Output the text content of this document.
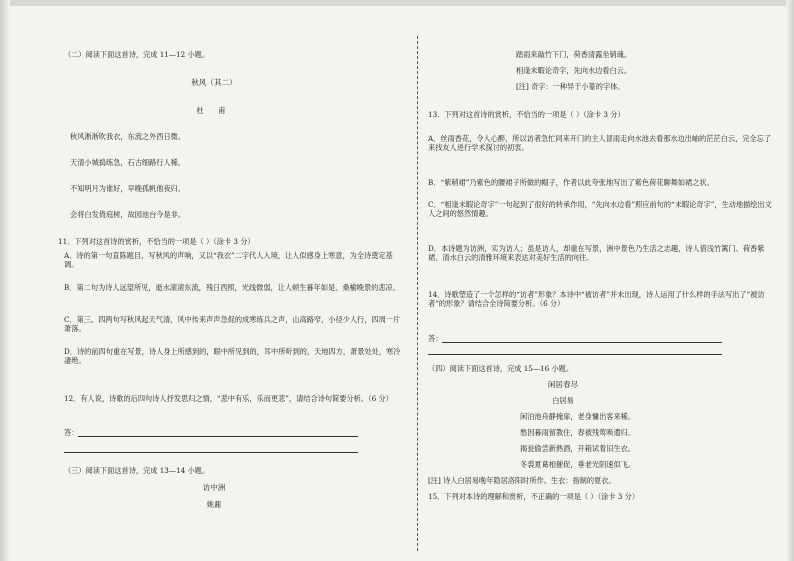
（二）阅读下面这首诗，完成 11—12 小题。
秋风（其二）
杜 甫
秋风淅淅吹我衣，东流之外西日微。
天清小城捣练急，石古细路行人稀。
不知明月为谁好，早晚孤帆他夜归。
会将白发倚庭树，故园池台今是非。
11．下列对这首诗的赏析，不恰当的一项是（ ）（涂卡 3 分）
A．诗的第一句直陈题目，写秋风的声响，又以“我衣”二字代人入境，让人似感身上寒意，为全诗奠定基调。
B．第二句为诗人远望所见，逝水滚滚东流，残日西照，光线微弱，让人顿生暮年如是、桑榆晚景的悲凉。
C．第三、四两句写秋风起天气清，风中传来声声急促的成寒练兵之声，山高路窄，小径少人行，四周一片萧落。
D．诗的前四句重在写景，诗人身上所感到的，眼中所见到的，耳中所听到的，天地四方，萧景处处，寒冷凄绝。
12．有人说，诗歌的后四句诗人抒发思归之情，“悲中有乐，乐而更悲”，请结合诗句简要分析。（6 分）
答：
（三）阅读下面这首诗，完成 13—14 小题。
访中洲
姚鼐
踏雨来敲竹下门，荷香清露坐销魂。
相逢未暇论奇字，先向水边看白云。
[注] 奇字：一种异于小篆的字体。
13．下列对这首诗的赏析，不恰当的一项是（ ）（涂卡 3 分）
A．丝雨香花，令人心醉，所以访者急忙同来开门的主人冒雨走向水池去看那水边出岫的茫茫白云，完全忘了来找友人进行学术探讨的初衷。
B．“紫稍裙”乃紫色的腰裙子所做的帽子，作者以此夸张地写出了紫色荷花聊舞如裙之状。
C．“相逢未暇论奇字”一句起到了很好的转承作用，“先向水边看”照应前句的“未暇论奇字”，生动地描绘出文人之间的悠然情趣。
D．本诗题为访洲，实为访人；虽是访人，却重在写景，洲中景色乃生活之志趣，诗人借浅竹篱门、荷香紫裙、清水白云的清雅环境来表达对美好生活的向往。
14．诗歌塑造了一个怎样的“访者”形象？本诗中“被访者”并未出现，诗人运用了什么样的手法写出了“被访者”的形象？请结合全诗简要分析。（6 分）
答：
（四）阅读下面这首诗，完成 15—16 小题。
闲居春尽
白居易
闲泊池舟静掩扉，老身慵出客来稀。
愁因暮雨留教住，春被残莺唤遣归。
揭瓮偷尝新熟酒，开箱试着旧生衣。
冬裘夏葛相催促，垂老光阴速似飞。
[注] 诗人白居易晚年隐居洛阳时所作。生衣：指制的夏衣。
15．下列对本诗的理解和赏析，不正确的一项是（ ）（涂卡 3 分）
